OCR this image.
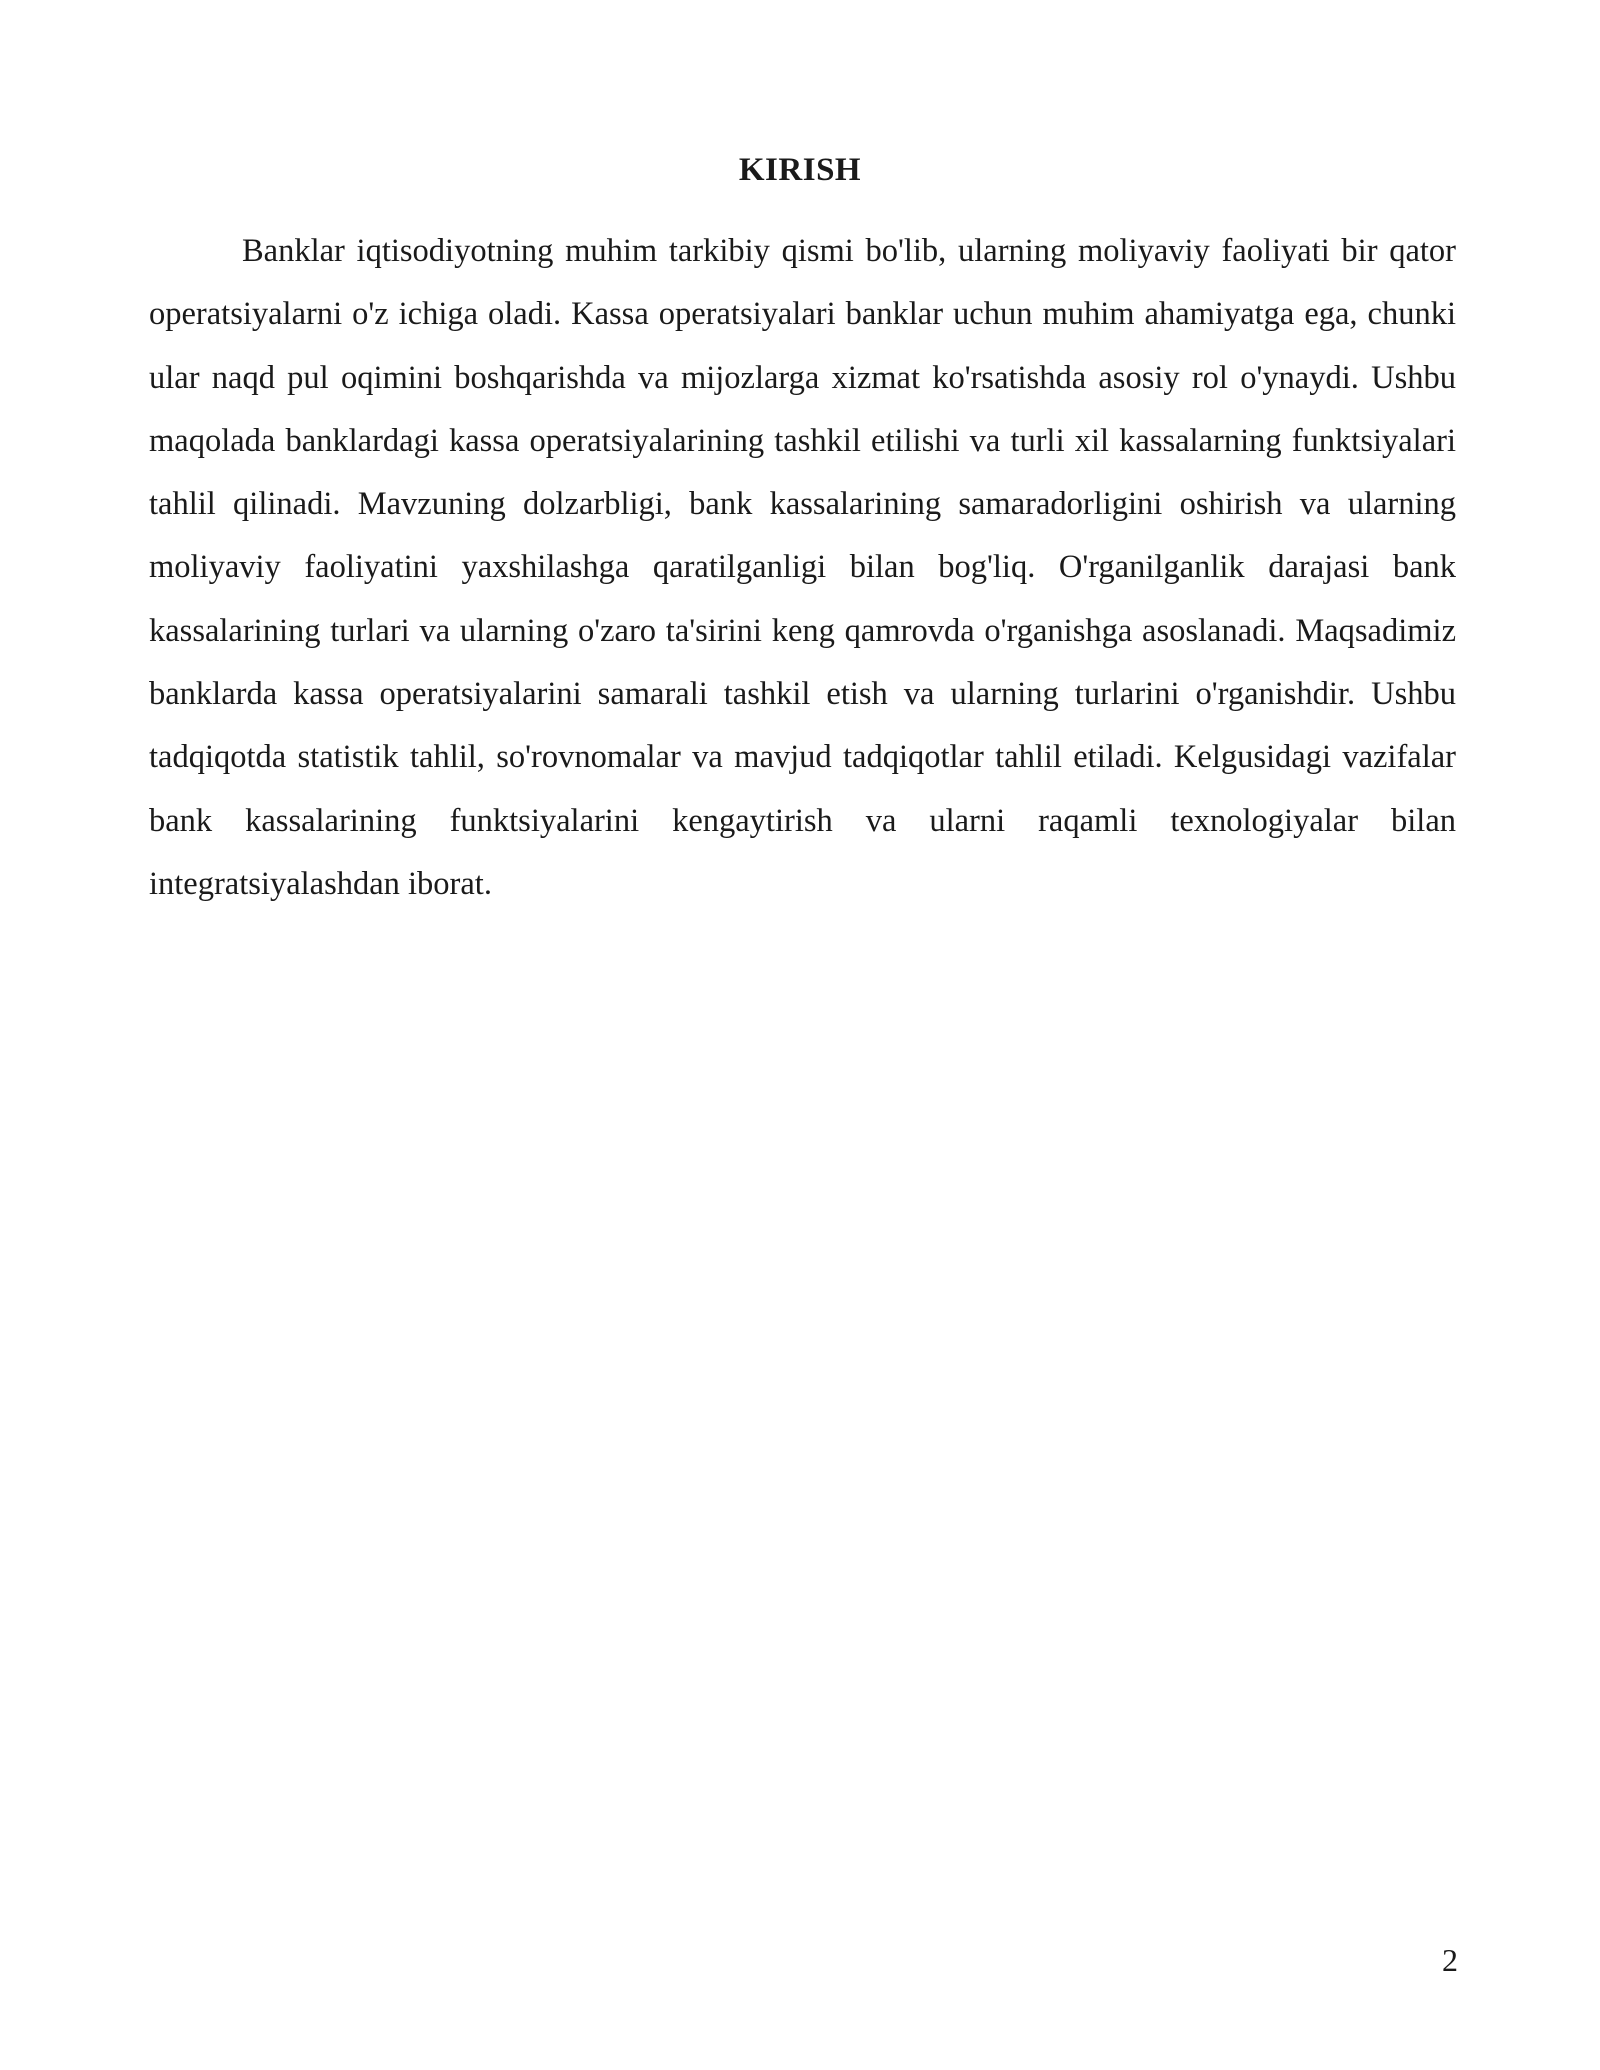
KIRISH

Banklar iqtisodiyotning muhim tarkibiy qismi bo'lib, ularning moliyaviy faoliyati bir qator operatsiyalarni o'z ichiga oladi. Kassa operatsiyalari banklar uchun muhim ahamiyatga ega, chunki ular naqd pul oqimini boshqarishda va mijozlarga xizmat ko'rsatishda asosiy rol o'ynaydi. Ushbu maqolada banklardagi kassa operatsiyalarining tashkil etilishi va turli xil kassalarning funktsiyalari tahlil qilinadi. Mavzuning dolzarbligi, bank kassalarining samaradorligini oshirish va ularning moliyaviy faoliyatini yaxshilashga qaratilganligi bilan bog'liq. O'rganilganlik darajasi bank kassalarining turlari va ularning o'zaro ta'sirini keng qamrovda o'rganishga asoslanadi. Maqsadimiz banklarda kassa operatsiyalarini samarali tashkil etish va ularning turlarini o'rganishdir. Ushbu tadqiqotda statistik tahlil, so'rovnomalar va mavjud tadqiqotlar tahlil etiladi. Kelgusidagi vazifalar bank kassalarining funktsiyalarini kengaytirish va ularni raqamli texnologiyalar bilan integratsiyalashdan iborat.

2
